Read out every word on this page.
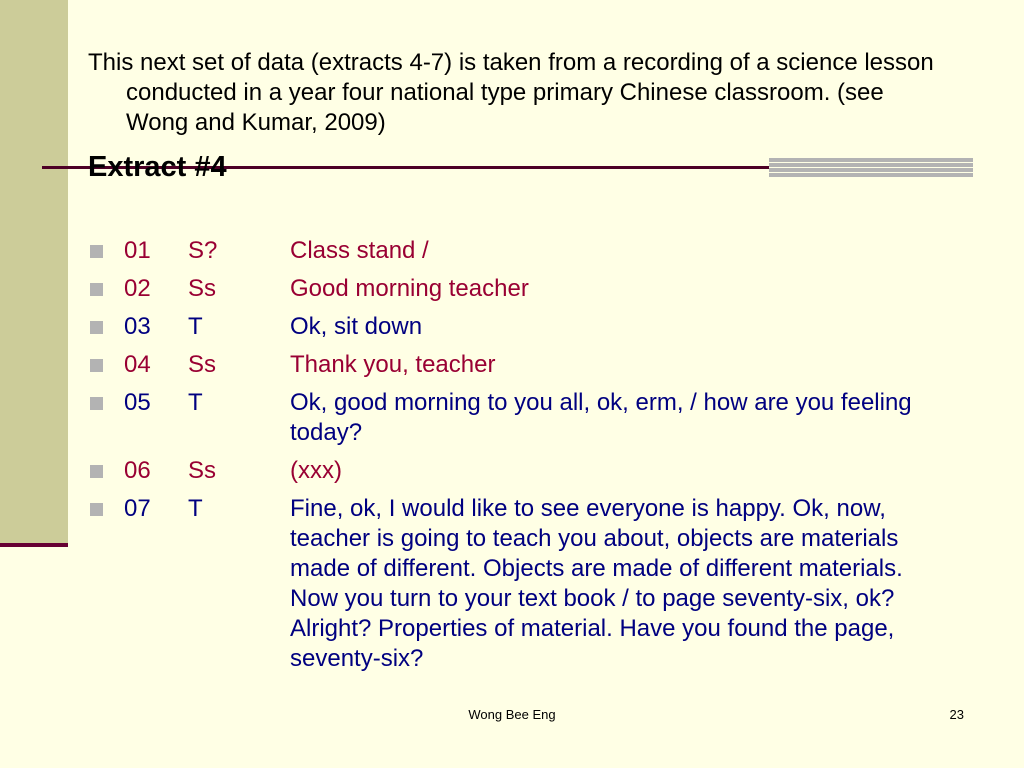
This next set of data (extracts 4-7) is taken from a recording of a science lesson conducted in a year four national type primary Chinese classroom. (see Wong and Kumar, 2009)

Extract #4
01	S?	Class stand /
02	Ss	Good morning teacher
03	T	Ok, sit down
04	Ss	Thank you, teacher
05	T	Ok, good morning to you all, ok, erm, / how are you feeling  today?
06	Ss	(xxx)
07	T	Fine, ok, I would like to see everyone is happy. Ok, now, teacher is going to teach you about, objects are materials made of different. Objects are made of different materials.  Now you turn to your text book / to page seventy-six, ok?  Alright? Properties of material. Have you found the page, seventy-six?
Wong Bee Eng	23
